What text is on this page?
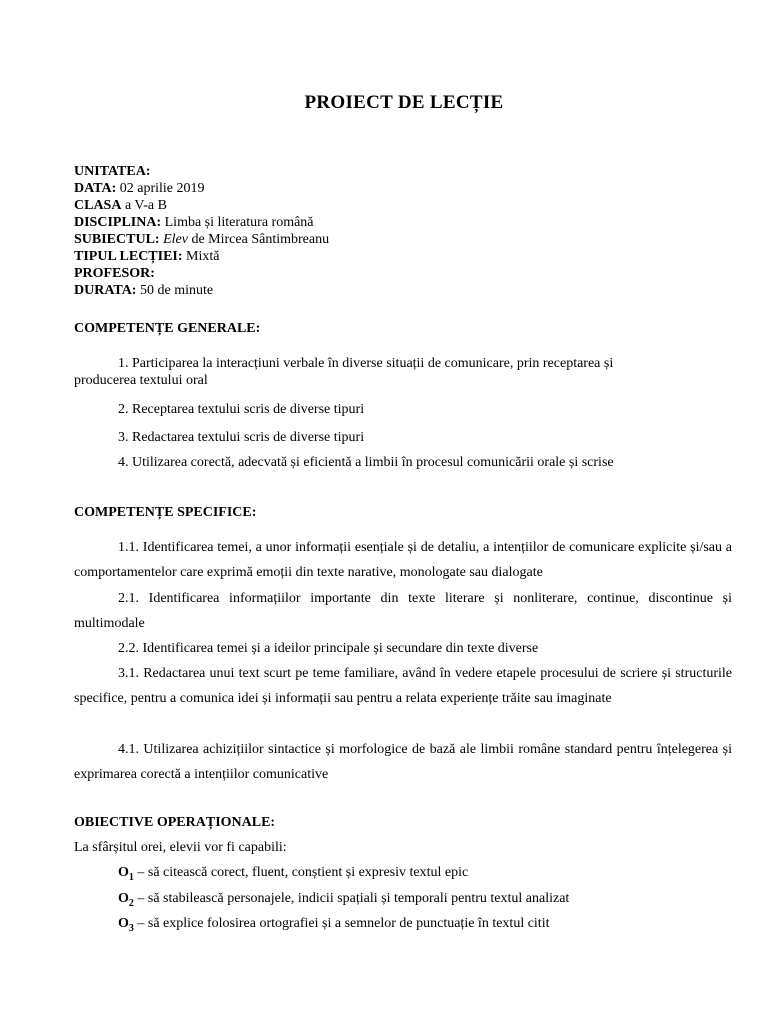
PROIECT DE LECȚIE
UNITATEA:
DATA: 02 aprilie 2019
CLASA a V-a B
DISCIPLINA: Limba și literatura română
SUBIECTUL: Elev de Mircea Sântimbreanu
TIPUL LECȚIEI: Mixtă
PROFESOR:
DURATA: 50 de minute
COMPETENȚE GENERALE:
1. Participarea la interacțiuni verbale în diverse situații de comunicare, prin receptarea și
producerea textului oral
2. Receptarea textului scris de diverse tipuri
3. Redactarea textului scris de diverse tipuri
4. Utilizarea corectă, adecvată și eficientă a limbii în procesul comunicării orale și scrise
COMPETENȚE SPECIFICE:
1.1. Identificarea temei, a unor informații esențiale și de detaliu, a intențiilor de comunicare explicite și/sau a comportamentelor care exprimă emoții din texte narative, monologate sau dialogate
2.1. Identificarea informațiilor importante din texte literare și nonliterare, continue, discontinue și multimodale
2.2. Identificarea temei și a ideilor principale și secundare din texte diverse
3.1. Redactarea unui text scurt pe teme familiare, având în vedere etapele procesului de scriere și structurile specifice, pentru a comunica idei și informații sau pentru a relata experiențe trăite sau imaginate
4.1. Utilizarea achizițiilor sintactice și morfologice de bază ale limbii române standard pentru înțelegerea și exprimarea corectă a intențiilor comunicative
OBIECTIVE OPERAȚIONALE:
La sfârșitul orei, elevii vor fi capabili:
$O_1$ – să citească corect, fluent, conștient și expresiv textul epic
$O_2$ – să stabilească personajele, indicii spațiali și temporali pentru textul analizat
$O_3$ – să explice folosirea ortografiei și a semnelor de punctuație în textul citit
